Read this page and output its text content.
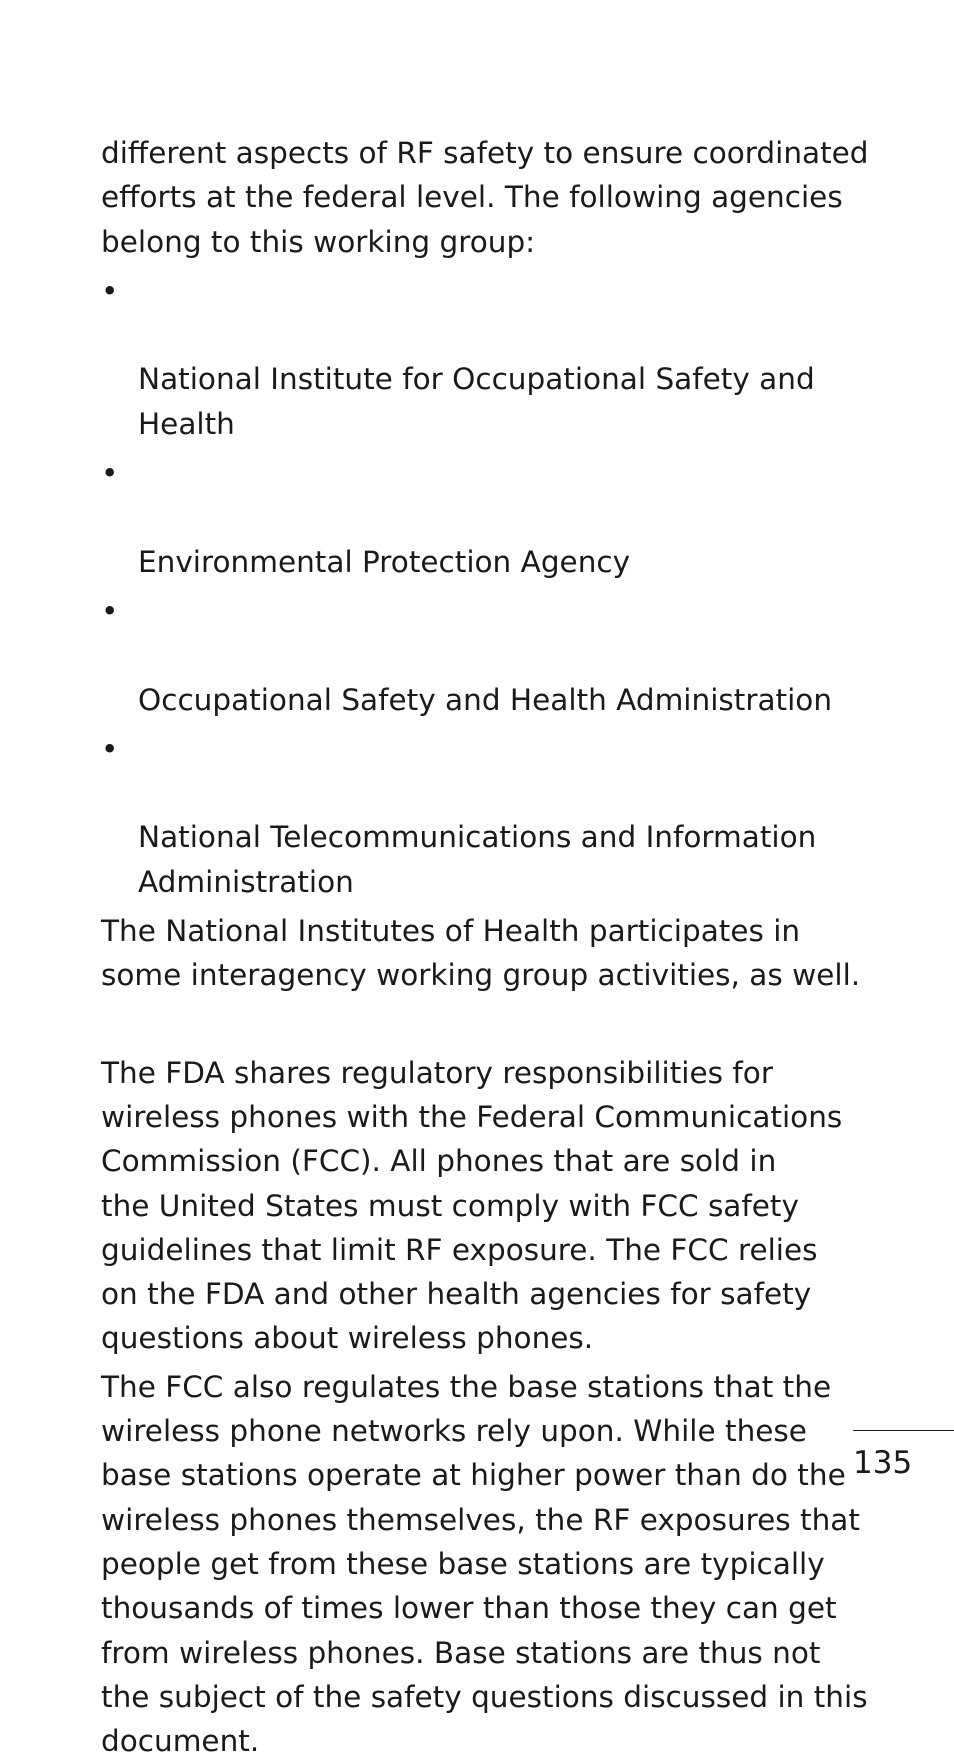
different aspects of RF safety to ensure coordinated
efforts at the federal level. The following agencies
belong to this working group:

•

National Institute for Occupational Safety and
Health

•

Environmental Protection Agency

•

Occupational Safety and Health Administration

•

National Telecommunications and Information
Administration

The National Institutes of Health participates in
some interagency working group activities, as well.

The FDA shares regulatory responsibilities for
wireless phones with the Federal Communications
Commission (FCC). All phones that are sold in
the United States must comply with FCC safety
guidelines that limit RF exposure. The FCC relies
on the FDA and other health agencies for safety
questions about wireless phones.

The FCC also regulates the base stations that the
wireless phone networks rely upon. While these
base stations operate at higher power than do the
wireless phones themselves, the RF exposures that
people get from these base stations are typically
thousands of times lower than those they can get
from wireless phones. Base stations are thus not
the subject of the safety questions discussed in this
document.

135
